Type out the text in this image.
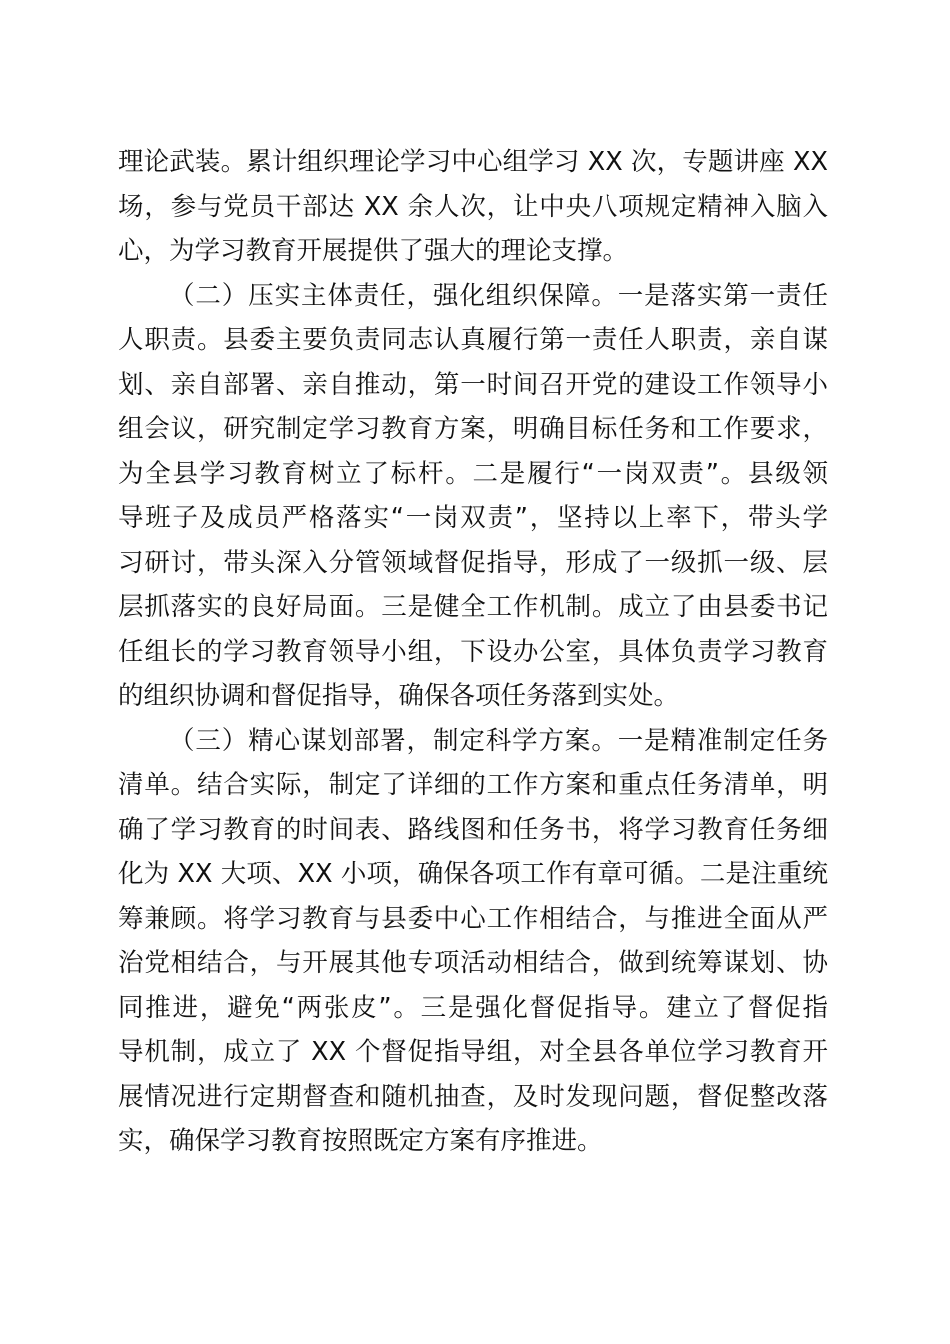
理论武装。累计组织理论学习中心组学习 XX 次，专题讲座 XX

场，参与党员干部达 XX 余人次，让中央八项规定精神入脑入

心，为学习教育开展提供了强大的理论支撑。

（二）压实主体责任，强化组织保障。一是落实第一责任

人职责。县委主要负责同志认真履行第一责任人职责，亲自谋

划、亲自部署、亲自推动，第一时间召开党的建设工作领导小

组会议，研究制定学习教育方案，明确目标任务和工作要求，

为全县学习教育树立了标杆。二是履行“一岗双责”。县级领

导班子及成员严格落实“一岗双责”，坚持以上率下，带头学

习研讨，带头深入分管领域督促指导，形成了一级抓一级、层

层抓落实的良好局面。三是健全工作机制。成立了由县委书记

任组长的学习教育领导小组，下设办公室，具体负责学习教育

的组织协调和督促指导，确保各项任务落到实处。

（三）精心谋划部署，制定科学方案。一是精准制定任务

清单。结合实际，制定了详细的工作方案和重点任务清单，明

确了学习教育的时间表、路线图和任务书，将学习教育任务细

化为 XX 大项、XX 小项，确保各项工作有章可循。二是注重统

筹兼顾。将学习教育与县委中心工作相结合，与推进全面从严

治党相结合，与开展其他专项活动相结合，做到统筹谋划、协

同推进，避免“两张皮”。三是强化督促指导。建立了督促指

导机制，成立了 XX 个督促指导组，对全县各单位学习教育开

展情况进行定期督查和随机抽查，及时发现问题，督促整改落

实，确保学习教育按照既定方案有序推进。
